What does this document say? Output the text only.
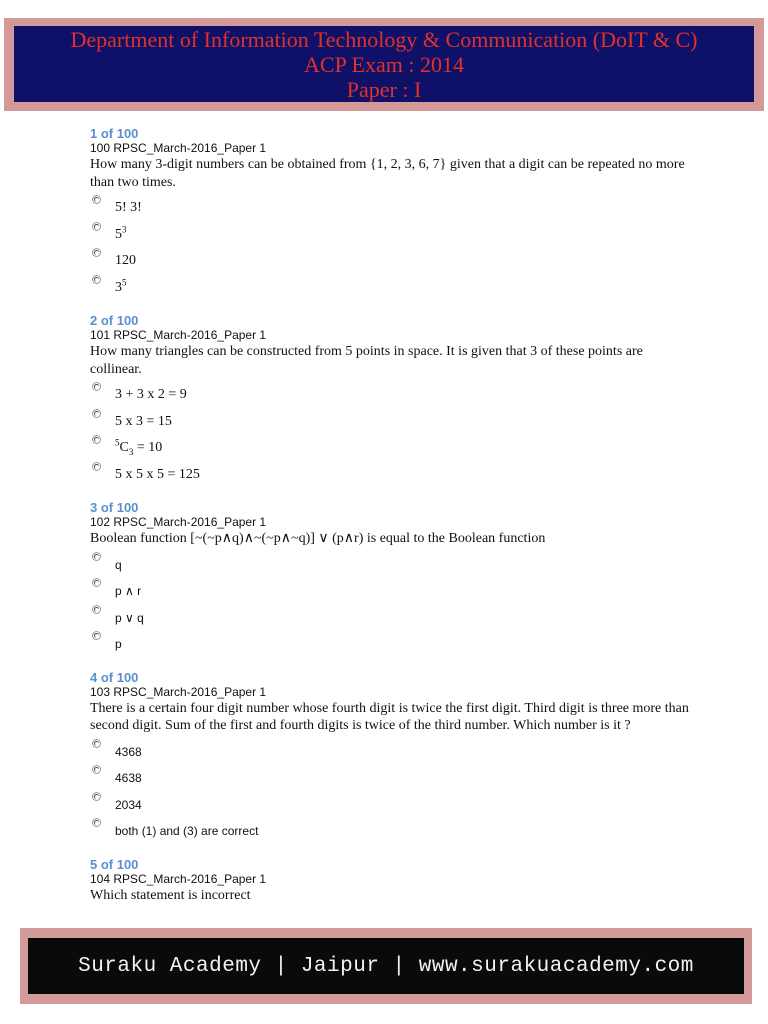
Department of Information Technology & Communication (DoIT & C)
ACP Exam : 2014
Paper : I
1 of 100
100 RPSC_March-2016_Paper 1
How many 3-digit numbers can be obtained from {1, 2, 3, 6, 7} given that a digit can be repeated no more than two times.
5! 3!
$5^3$
120
$3^5$
2 of 100
101 RPSC_March-2016_Paper 1
How many triangles can be constructed from 5 points in space. It is given that 3 of these points are collinear.
3 + 3 x 2 = 9
5 x 3 = 15
$^5C_3 = 10$
5 x 5 x 5 = 125
3 of 100
102 RPSC_March-2016_Paper 1
Boolean function [~(~p∧q)∧~(~p∧~q)] ∨ (p∧r) is equal to the Boolean function
q
p ∧ r
p ∨ q
p
4 of 100
103 RPSC_March-2016_Paper 1
There is a certain four digit number whose fourth digit is twice the first digit. Third digit is three more than second digit. Sum of the first and fourth digits is twice of the third number. Which number is it ?
4368
4638
2034
both (1) and (3) are correct
5 of 100
104 RPSC_March-2016_Paper 1
Which statement is incorrect
Suraku Academy | Jaipur | www.surakuacademy.com
